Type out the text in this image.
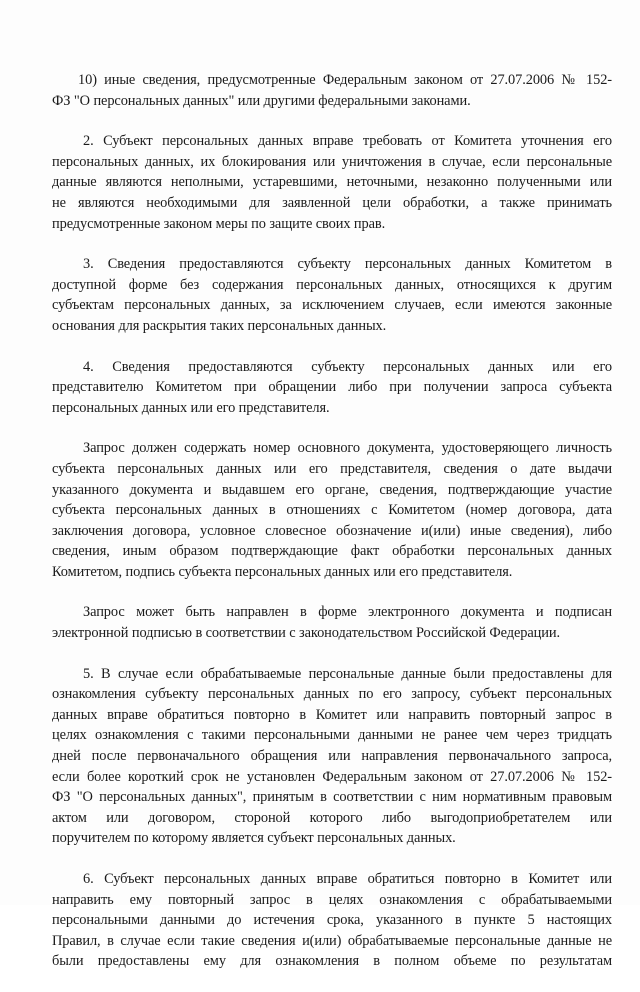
10) иные сведения, предусмотренные Федеральным законом от 27.07.2006 № 152-
ФЗ "О персональных данных" или другими федеральными законами.

2. Субъект персональных данных вправе требовать от Комитета уточнения его
персональных данных, их блокирования или уничтожения в случае, если персональные
данные являются неполными, устаревшими, неточными, незаконно полученными или
не являются необходимыми для заявленной цели обработки, а также принимать
предусмотренные законом меры по защите своих прав.

3. Сведения предоставляются субъекту персональных данных Комитетом в
доступной форме без содержания персональных данных, относящихся к другим
субъектам персональных данных, за исключением случаев, если имеются законные
основания для раскрытия таких персональных данных.

4. Сведения предоставляются субъекту персональных данных или его
представителю Комитетом при обращении либо при получении запроса субъекта
персональных данных или его представителя.

Запрос должен содержать номер основного документа, удостоверяющего личность
субъекта персональных данных или его представителя, сведения о дате выдачи
указанного документа и выдавшем его органе, сведения, подтверждающие участие
субъекта персональных данных в отношениях с Комитетом (номер договора, дата
заключения договора, условное словесное обозначение и(или) иные сведения), либо
сведения, иным образом подтверждающие факт обработки персональных данных
Комитетом, подпись субъекта персональных данных или его представителя.

Запрос может быть направлен в форме электронного документа и подписан
электронной подписью в соответствии с законодательством Российской Федерации.

5. В случае если обрабатываемые персональные данные были предоставлены для
ознакомления субъекту персональных данных по его запросу, субъект персональных
данных вправе обратиться повторно в Комитет или направить повторный запрос в
целях ознакомления с такими персональными данными не ранее чем через тридцать
дней после первоначального обращения или направления первоначального запроса,
если более короткий срок не установлен Федеральным законом от 27.07.2006 № 152-
ФЗ "О персональных данных", принятым в соответствии с ним нормативным правовым
актом или договором, стороной которого либо выгодоприобретателем или
поручителем по которому является субъект персональных данных.

6. Субъект персональных данных вправе обратиться повторно в Комитет или
направить ему повторный запрос в целях ознакомления с обрабатываемыми
персональными данными до истечения срока, указанного в пункте 5 настоящих
Правил, в случае если такие сведения и(или) обрабатываемые персональные данные не
были предоставлены ему для ознакомления в полном объеме по результатам
